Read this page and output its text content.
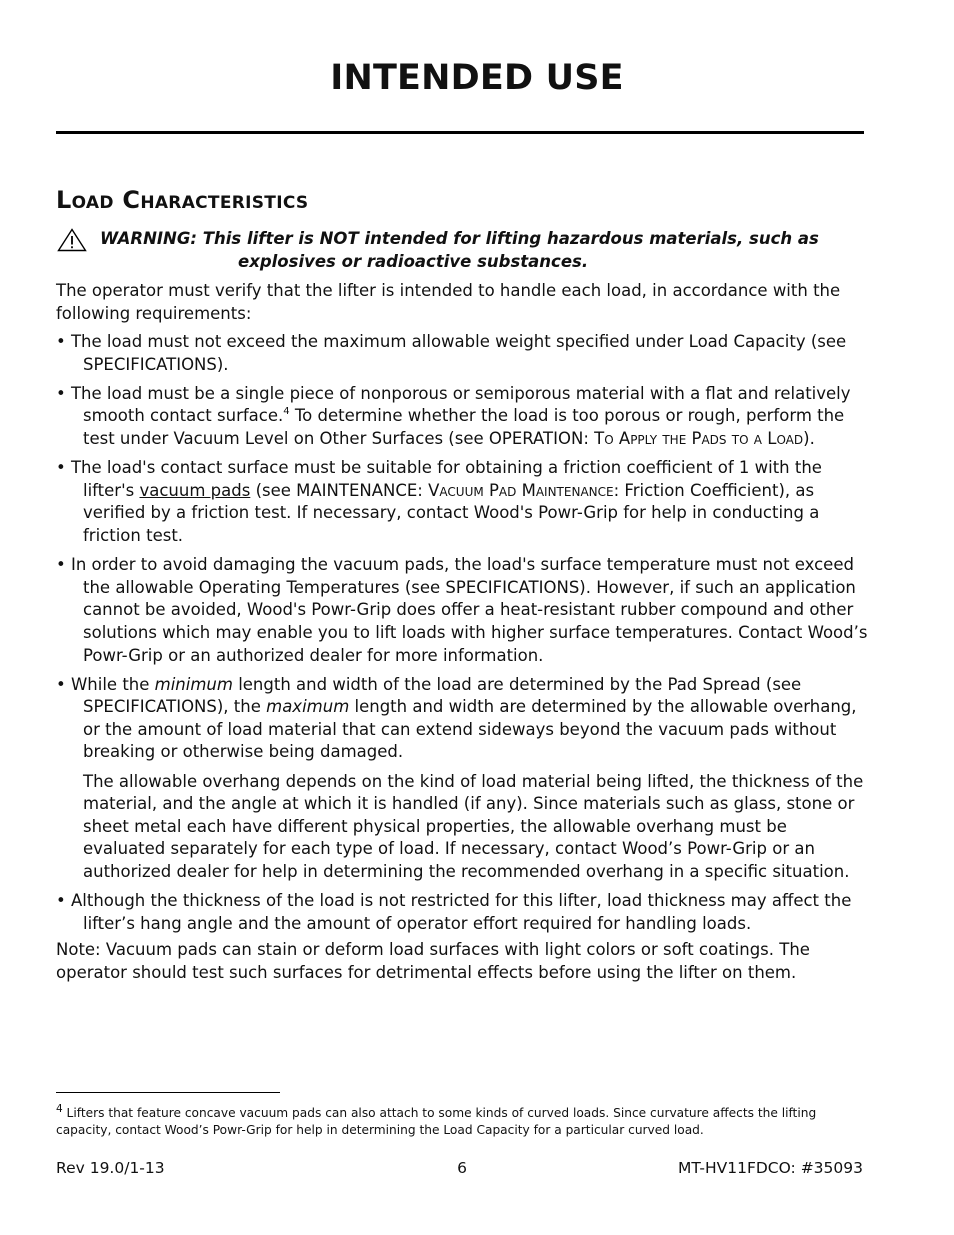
INTENDED USE
Load Characteristics
WARNING: This lifter is NOT intended for lifting hazardous materials, such as
explosives or radioactive substances.

The operator must verify that the lifter is intended to handle each load, in accordance with the following requirements:

• The load must not exceed the maximum allowable weight specified under Load Capacity (see SPECIFICATIONS).
• The load must be a single piece of nonporous or semiporous material with a flat and relatively smooth contact surface.$^4$ To determine whether the load is too porous or rough, perform the test under Vacuum Level on Other Surfaces (see OPERATION: To Apply the Pads to a Load).
• The load's contact surface must be suitable for obtaining a friction coefficient of 1 with the lifter's vacuum pads (see MAINTENANCE: Vacuum Pad Maintenance: Friction Coefficient), as verified by a friction test. If necessary, contact Wood's Powr-Grip for help in conducting a friction test.
• In order to avoid damaging the vacuum pads, the load's surface temperature must not exceed the allowable Operating Temperatures (see SPECIFICATIONS). However, if such an application cannot be avoided, Wood's Powr-Grip does offer a heat-resistant rubber compound and other solutions which may enable you to lift loads with higher surface temperatures. Contact Wood’s Powr-Grip or an authorized dealer for more information.
• While the minimum length and width of the load are determined by the Pad Spread (see SPECIFICATIONS), the maximum length and width are determined by the allowable overhang, or the amount of load material that can extend sideways beyond the vacuum pads without breaking or otherwise being damaged.
The allowable overhang depends on the kind of load material being lifted, the thickness of the material, and the angle at which it is handled (if any). Since materials such as glass, stone or sheet metal each have different physical properties, the allowable overhang must be evaluated separately for each type of load. If necessary, contact Wood’s Powr-Grip or an authorized dealer for help in determining the recommended overhang in a specific situation.
• Although the thickness of the load is not restricted for this lifter, load thickness may affect the lifter’s hang angle and the amount of operator effort required for handling loads.

Note: Vacuum pads can stain or deform load surfaces with light colors or soft coatings. The operator should test such surfaces for detrimental effects before using the lifter on them.

$^4$ Lifters that feature concave vacuum pads can also attach to some kinds of curved loads. Since curvature affects the lifting capacity, contact Wood’s Powr-Grip for help in determining the Load Capacity for a particular curved load.

Rev 19.0/1-13	6	MT-HV11FDCO: #35093
